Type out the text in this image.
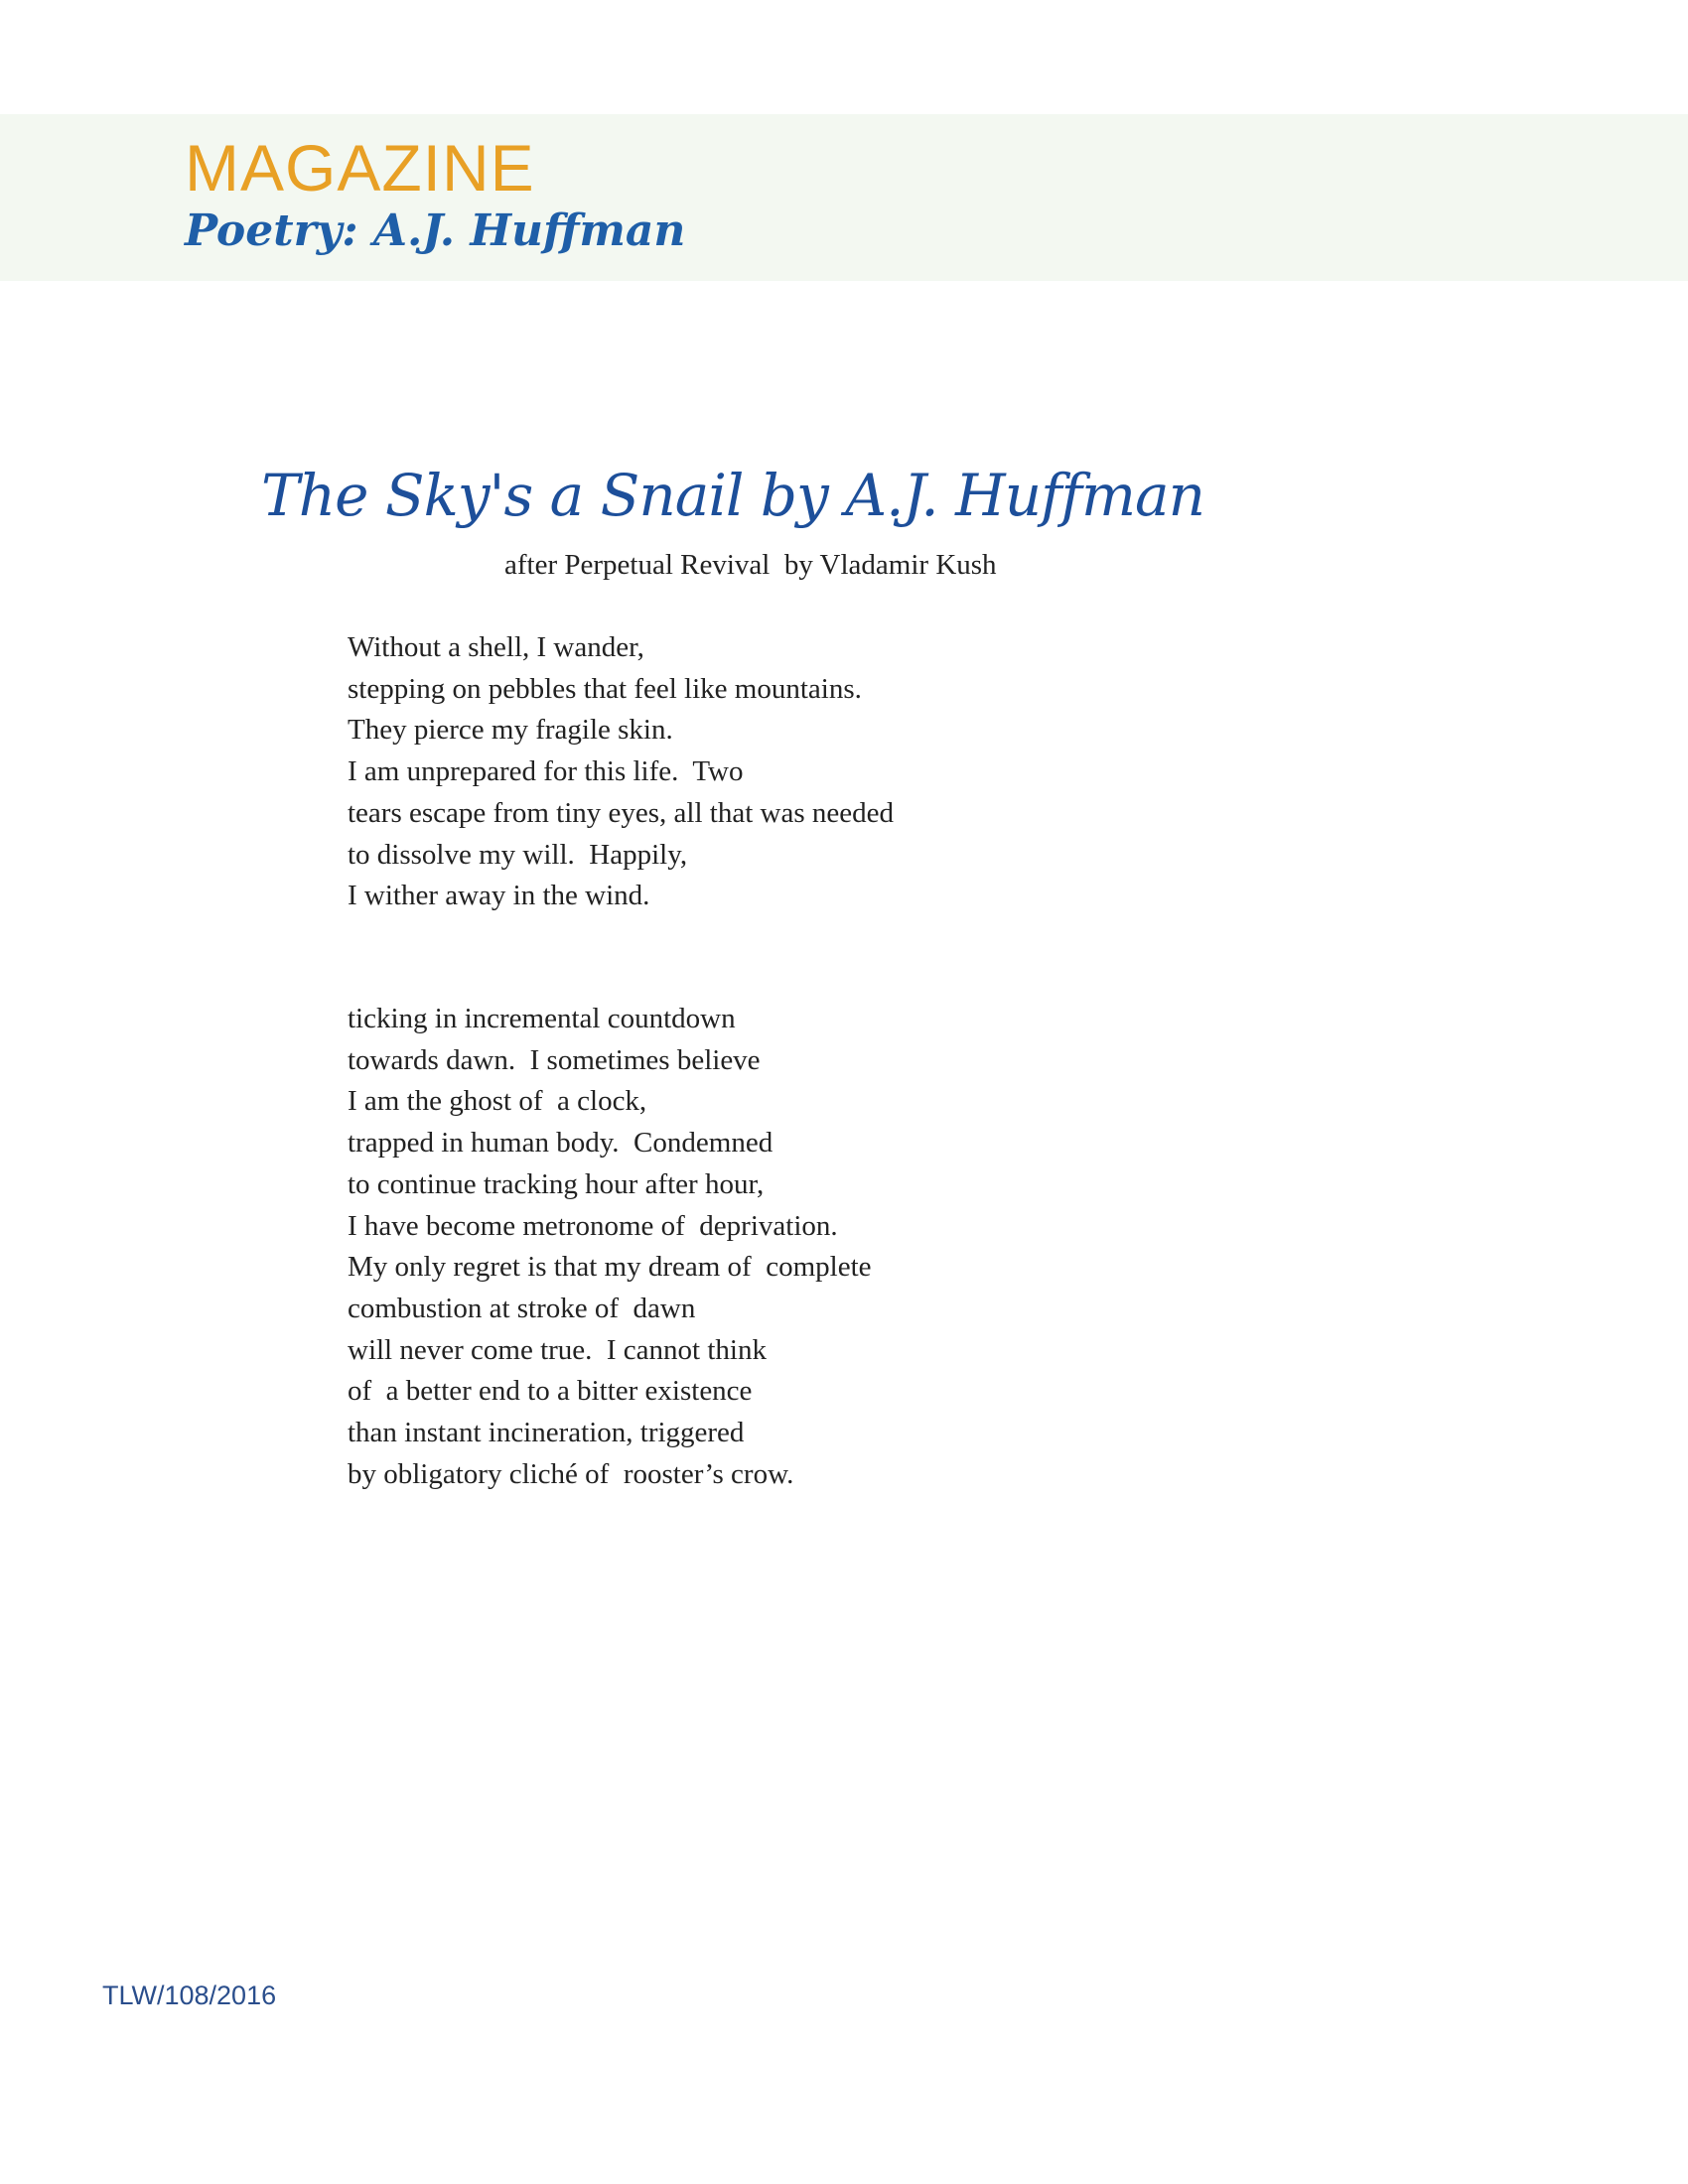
MAGAZINE
Poetry: A.J. Huffman
The Sky's a Snail by A.J. Huffman

after Perpetual Revival  by Vladamir Kush

Without a shell, I wander,
stepping on pebbles that feel like mountains.
They pierce my fragile skin.
I am unprepared for this life.  Two
tears escape from tiny eyes, all that was needed
to dissolve my will.  Happily,
I wither away in the wind.
ticking in incremental countdown
towards dawn.  I sometimes believe
I am the ghost of  a clock,
trapped in human body.  Condemned
to continue tracking hour after hour,
I have become metronome of  deprivation.
My only regret is that my dream of  complete
combustion at stroke of  dawn
will never come true.  I cannot think
of  a better end to a bitter existence
than instant incineration, triggered
by obligatory cliché of  rooster’s crow.

TLW/108/2016
